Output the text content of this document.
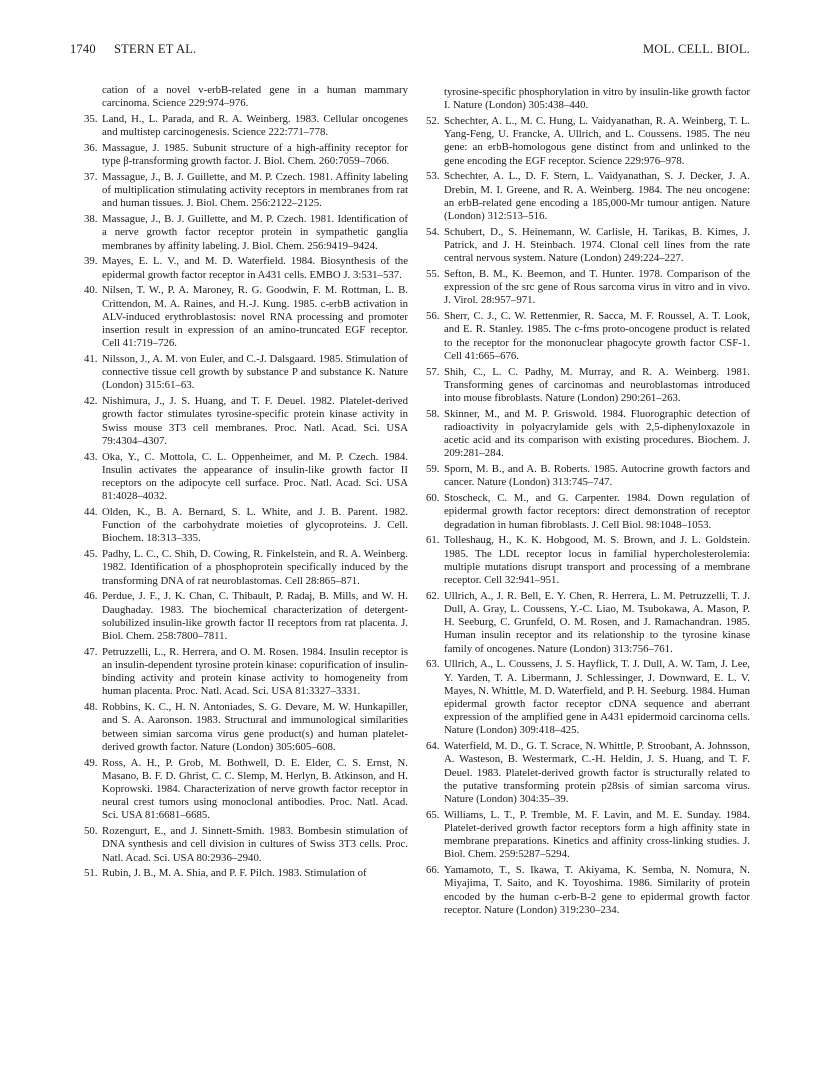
1740 STERN ET AL.	MOL. CELL. BIOL.

cation of a novel v-erbB-related gene in a human mammary carcinoma. Science 229:974–976.

35. Land, H., L. Parada, and R. A. Weinberg. 1983. Cellular oncogenes and multistep carcinogenesis. Science 222:771–778.

36. Massague, J. 1985. Subunit structure of a high-affinity receptor for type β-transforming growth factor. J. Biol. Chem. 260:7059–7066.

37. Massague, J., B. J. Guillette, and M. P. Czech. 1981. Affinity labeling of multiplication stimulating activity receptors in membranes from rat and human tissues. J. Biol. Chem. 256:2122–2125.

38. Massague, J., B. J. Guillette, and M. P. Czech. 1981. Identification of a nerve growth factor receptor protein in sympathetic ganglia membranes by affinity labeling. J. Biol. Chem. 256:9419–9424.

39. Mayes, E. L. V., and M. D. Waterfield. 1984. Biosynthesis of the epidermal growth factor receptor in A431 cells. EMBO J. 3:531–537.

40. Nilsen, T. W., P. A. Maroney, R. G. Goodwin, F. M. Rottman, L. B. Crittendon, M. A. Raines, and H.-J. Kung. 1985. c-erbB activation in ALV-induced erythroblastosis: novel RNA processing and promoter insertion result in expression of an amino-truncated EGF receptor. Cell 41:719–726.

41. Nilsson, J., A. M. von Euler, and C.-J. Dalsgaard. 1985. Stimulation of connective tissue cell growth by substance P and substance K. Nature (London) 315:61–63.

42. Nishimura, J., J. S. Huang, and T. F. Deuel. 1982. Platelet-derived growth factor stimulates tyrosine-specific protein kinase activity in Swiss mouse 3T3 cell membranes. Proc. Natl. Acad. Sci. USA 79:4304–4307.

43. Oka, Y., C. Mottola, C. L. Oppenheimer, and M. P. Czech. 1984. Insulin activates the appearance of insulin-like growth factor II receptors on the adipocyte cell surface. Proc. Natl. Acad. Sci. USA 81:4028–4032.

44. Olden, K., B. A. Bernard, S. L. White, and J. B. Parent. 1982. Function of the carbohydrate moieties of glycoproteins. J. Cell. Biochem. 18:313–335.

45. Padhy, L. C., C. Shih, D. Cowing, R. Finkelstein, and R. A. Weinberg. 1982. Identification of a phosphoprotein specifically induced by the transforming DNA of rat neuroblastomas. Cell 28:865–871.

46. Perdue, J. F., J. K. Chan, C. Thibault, P. Radaj, B. Mills, and W. H. Daughaday. 1983. The biochemical characterization of detergent-solubilized insulin-like growth factor II receptors from rat placenta. J. Biol. Chem. 258:7800–7811.

47. Petruzzelli, L., R. Herrera, and O. M. Rosen. 1984. Insulin receptor is an insulin-dependent tyrosine protein kinase: copurification of insulin-binding activity and protein kinase activity to homogeneity from human placenta. Proc. Natl. Acad. Sci. USA 81:3327–3331.

48. Robbins, K. C., H. N. Antoniades, S. G. Devare, M. W. Hunkapiller, and S. A. Aaronson. 1983. Structural and immunological similarities between simian sarcoma virus gene product(s) and human platelet-derived growth factor. Nature (London) 305:605–608.

49. Ross, A. H., P. Grob, M. Bothwell, D. E. Elder, C. S. Ernst, N. Masano, B. F. D. Ghrist, C. C. Slemp, M. Herlyn, B. Atkinson, and H. Koprowski. 1984. Characterization of nerve growth factor receptor in neural crest tumors using monoclonal antibodies. Proc. Natl. Acad. Sci. USA 81:6681–6685.

50. Rozengurt, E., and J. Sinnett-Smith. 1983. Bombesin stimulation of DNA synthesis and cell division in cultures of Swiss 3T3 cells. Proc. Natl. Acad. Sci. USA 80:2936–2940.

51. Rubin, J. B., M. A. Shia, and P. F. Pilch. 1983. Stimulation of

tyrosine-specific phosphorylation in vitro by insulin-like growth factor I. Nature (London) 305:438–440.

52. Schechter, A. L., M. C. Hung, L. Vaidyanathan, R. A. Weinberg, T. L. Yang-Feng, U. Francke, A. Ullrich, and L. Coussens. 1985. The neu gene: an erbB-homologous gene distinct from and unlinked to the gene encoding the EGF receptor. Science 229:976–978.

53. Schechter, A. L., D. F. Stern, L. Vaidyanathan, S. J. Decker, J. A. Drebin, M. I. Greene, and R. A. Weinberg. 1984. The neu oncogene: an erbB-related gene encoding a 185,000-Mr tumour antigen. Nature (London) 312:513–516.

54. Schubert, D., S. Heinemann, W. Carlisle, H. Tarikas, B. Kimes, J. Patrick, and J. H. Steinbach. 1974. Clonal cell lines from the rate central nervous system. Nature (London) 249:224–227.

55. Sefton, B. M., K. Beemon, and T. Hunter. 1978. Comparison of the expression of the src gene of Rous sarcoma virus in vitro and in vivo. J. Virol. 28:957–971.

56. Sherr, C. J., C. W. Rettenmier, R. Sacca, M. F. Roussel, A. T. Look, and E. R. Stanley. 1985. The c-fms proto-oncogene product is related to the receptor for the mononuclear phagocyte growth factor CSF-1. Cell 41:665–676.

57. Shih, C., L. C. Padhy, M. Murray, and R. A. Weinberg. 1981. Transforming genes of carcinomas and neuroblastomas introduced into mouse fibroblasts. Nature (London) 290:261–263.

58. Skinner, M., and M. P. Griswold. 1984. Fluorographic detection of radioactivity in polyacrylamide gels with 2,5-diphenyloxazole in acetic acid and its comparison with existing procedures. Biochem. J. 209:281–284.

59. Sporn, M. B., and A. B. Roberts. 1985. Autocrine growth factors and cancer. Nature (London) 313:745–747.

60. Stoscheck, C. M., and G. Carpenter. 1984. Down regulation of epidermal growth factor receptors: direct demonstration of receptor degradation in human fibroblasts. J. Cell Biol. 98:1048–1053.

61. Tolleshaug, H., K. K. Hobgood, M. S. Brown, and J. L. Goldstein. 1985. The LDL receptor locus in familial hypercholesterolemia: multiple mutations disrupt transport and processing of a membrane receptor. Cell 32:941–951.

62. Ullrich, A., J. R. Bell, E. Y. Chen, R. Herrera, L. M. Petruzzelli, T. J. Dull, A. Gray, L. Coussens, Y.-C. Liao, M. Tsubokawa, A. Mason, P. H. Seeburg, C. Grunfeld, O. M. Rosen, and J. Ramachandran. 1985. Human insulin receptor and its relationship to the tyrosine kinase family of oncogenes. Nature (London) 313:756–761.

63. Ullrich, A., L. Coussens, J. S. Hayflick, T. J. Dull, A. W. Tam, J. Lee, Y. Yarden, T. A. Libermann, J. Schlessinger, J. Downward, E. L. V. Mayes, N. Whittle, M. D. Waterfield, and P. H. Seeburg. 1984. Human epidermal growth factor receptor cDNA sequence and aberrant expression of the amplified gene in A431 epidermoid carcinoma cells. Nature (London) 309:418–425.

64. Waterfield, M. D., G. T. Scrace, N. Whittle, P. Stroobant, A. Johnsson, A. Wasteson, B. Westermark, C.-H. Heldin, J. S. Huang, and T. F. Deuel. 1983. Platelet-derived growth factor is structurally related to the putative transforming protein p28sis of simian sarcoma virus. Nature (London) 304:35–39.

65. Williams, L. T., P. Tremble, M. F. Lavin, and M. E. Sunday. 1984. Platelet-derived growth factor receptors form a high affinity state in membrane preparations. Kinetics and affinity cross-linking studies. J. Biol. Chem. 259:5287–5294.

66. Yamamoto, T., S. Ikawa, T. Akiyama, K. Semba, N. Nomura, N. Miyajima, T. Saito, and K. Toyoshima. 1986. Similarity of protein encoded by the human c-erb-B-2 gene to epidermal growth factor receptor. Nature (London) 319:230–234.
